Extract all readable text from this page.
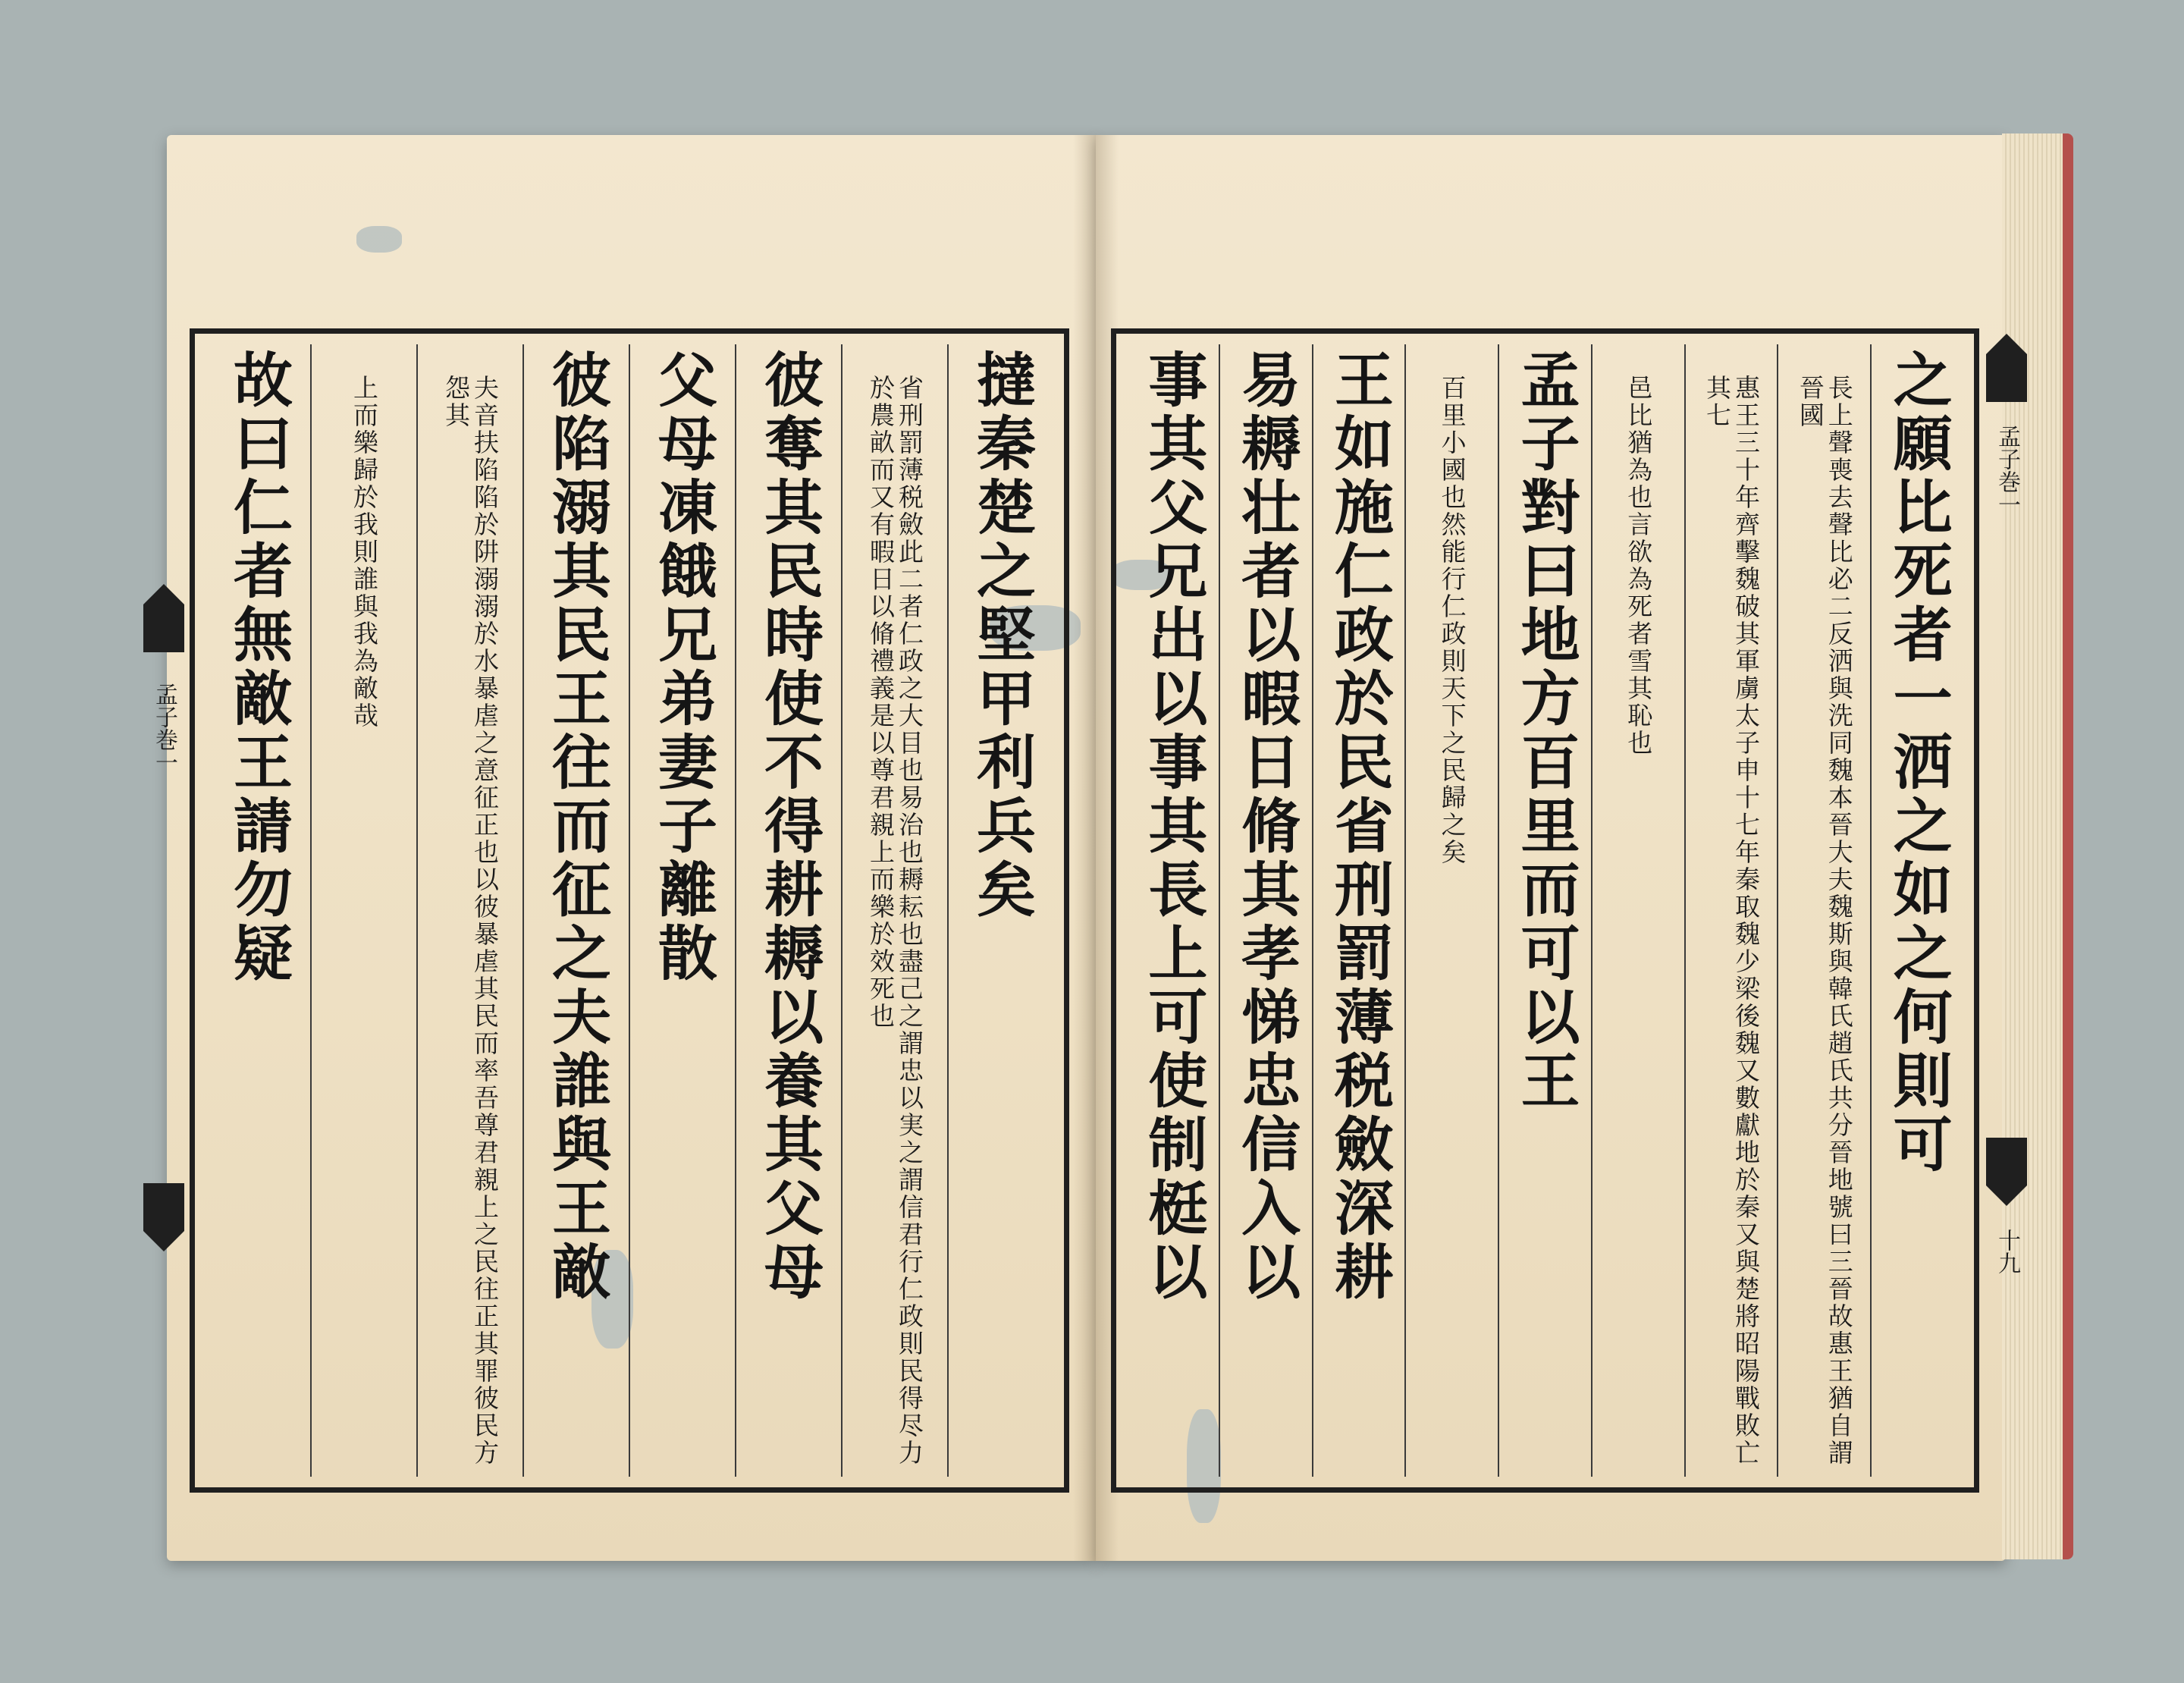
孟子巻一	撻秦楚之堅甲利兵矣
省刑罰薄税斂此二者仁政之大目也易治也耨耘也盡己之謂忠以実之謂信君行仁政則民得尽力於農畝而又有暇日以脩禮義是以尊君親上而樂於效死也
彼奪其民時使不得耕耨以養其父母
父母凍餓兄弟妻子離散
彼陷溺其民王往而征之夫誰與王敵
夫音扶陷陷於阱溺溺於水暴虐之意征正也以彼暴虐其民而率吾尊君親上之民往正其罪彼民方怨其
上而樂歸於我則誰與我為敵哉
故曰仁者無敵王請勿疑	孟子巻一
十九
之願比死者一洒之如之何則可
長上聲喪去聲比必二反洒與洗同魏本晉大夫魏斯與韓氏趙氏共分晉地號曰三晉故惠王猶自謂晉國
惠王三十年齊擊魏破其軍虜太子申十七年秦取魏少梁後魏又數獻地於秦又與楚將昭陽戰敗亡其七
邑比猶為也言欲為死者雪其恥也
孟子對曰地方百里而可以王
百里小國也然能行仁政則天下之民歸之矣
王如施仁政於民省刑罰薄税斂深耕
易耨壮者以暇日脩其孝悌忠信入以
事其父兄出以事其長上可使制梃以
